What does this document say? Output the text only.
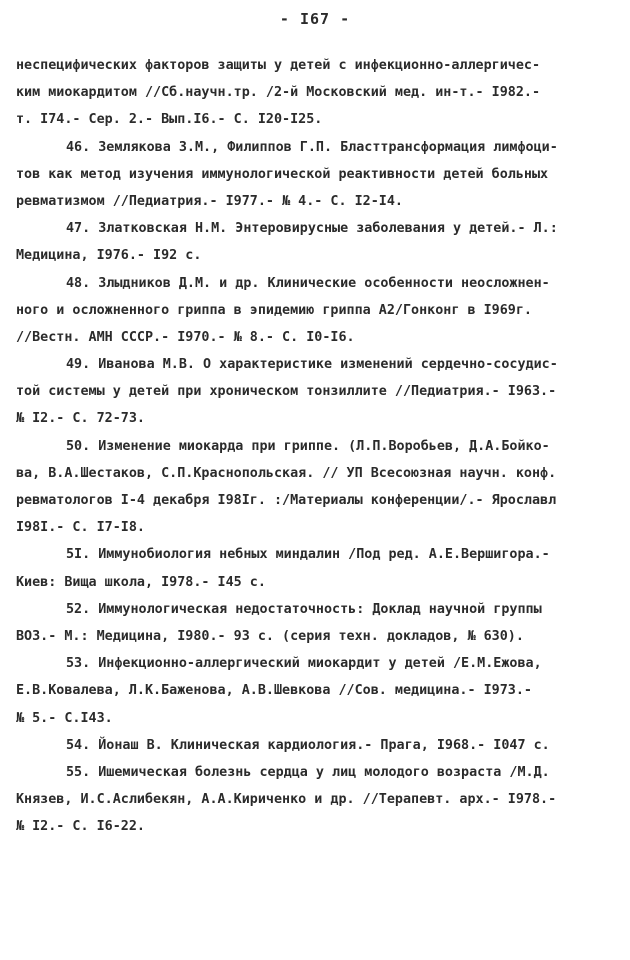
- I67 -
неспецифических факторов защиты у детей с инфекционно-аллергичес-
ким миокардитом //Сб.научн.тр. /2-й Московский мед. ин-т.- I982.-
т. I74.- Сер. 2.- Вып.I6.- С. I20-I25.
46. Землякова З.М., Филиппов Г.П. Бласттрансформация лимфоци-
тов как метод изучения иммунологической реактивности детей больных
ревматизмом //Педиатрия.- I977.- № 4.- С. I2-I4.
47. Златковская Н.М. Энтеровирусные заболевания у детей.- Л.:
Медицина, I976.- I92 с.
48. Злыдников Д.М. и др. Клинические особенности неосложнен-
ного и осложненного гриппа в эпидемию гриппа А2/Гонконг в I969г.
//Вестн. АМН СССР.- I970.- № 8.- С. I0-I6.
49. Иванова М.В. О характеристике изменений сердечно-сосудис-
той системы у детей при хроническом тонзиллите //Педиатрия.- I963.-
№ I2.- С. 72-73.
50. Изменение миокарда при гриппе. (Л.П.Воробьев, Д.А.Бойко-
ва, В.А.Шестаков, С.П.Краснопольская. // УП Всесоюзная научн. конф.
ревматологов I-4 декабря I98Iг. :/Материалы конференции/.- Ярославл
I98I.- С. I7-I8.
5I. Иммунобиология небных миндалин /Под ред. А.Е.Вершигора.-
Киев: Вища школа, I978.- I45 с.
52. Иммунологическая недостаточность: Доклад научной группы
ВОЗ.- М.: Медицина, I980.- 93 с. (серия техн. докладов, № 630).
53. Инфекционно-аллергический миокардит у детей /Е.М.Ежова,
Е.В.Ковалева, Л.К.Баженова, А.В.Шевкова //Сов. медицина.- I973.-
№ 5.- С.I43.
54. Йонаш В. Клиническая кардиология.- Прага, I968.- I047 с.
55. Ишемическая болезнь сердца у лиц молодого возраста /М.Д.
Князев, И.С.Аслибекян, А.А.Кириченко и др. //Терапевт. арх.- I978.-
№ I2.- С. I6-22.
